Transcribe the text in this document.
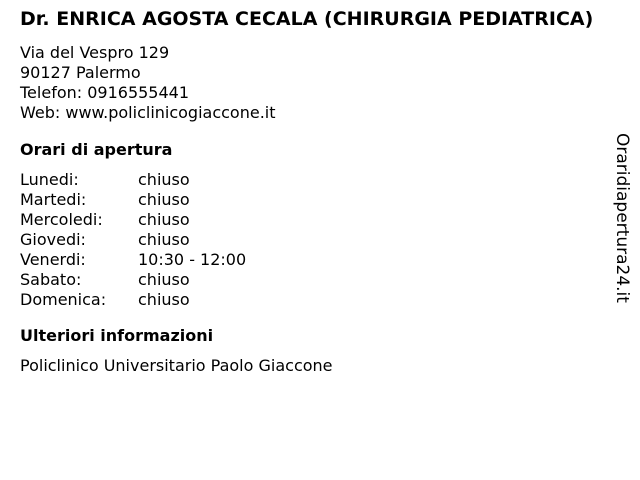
Dr. ENRICA AGOSTA CECALA (CHIRURGIA PEDIATRICA)
Via del Vespro 129
90127 Palermo
Telefon: 0916555441
Web: www.policlinicogiaccone.it
Orari di apertura
Lunedi:	chiuso
Martedi:	chiuso
Mercoledi:	chiuso
Giovedi:	chiuso
Venerdi:	10:30 - 12:00
Sabato:	chiuso
Domenica:	chiuso
Ulteriori informazioni
Policlinico Universitario Paolo Giaccone
Oraridiapertura24.it
